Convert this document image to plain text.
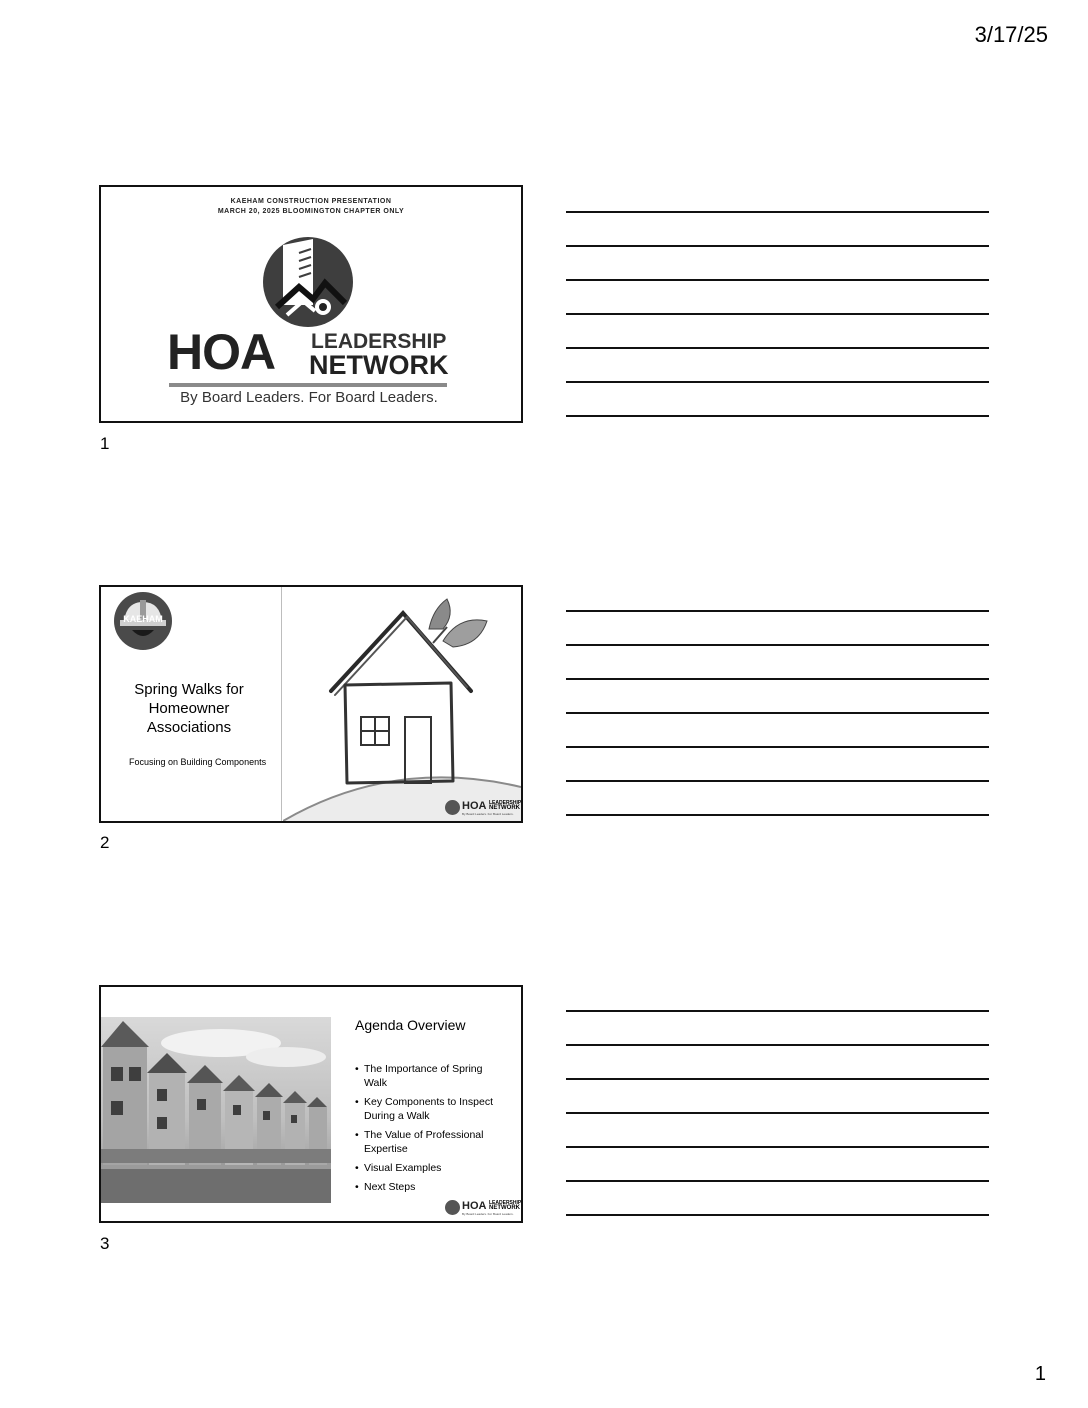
3/17/25
KAEHAM CONSTRUCTION PRESENTATION
MARCH 20, 2025 BLOOMINGTON CHAPTER ONLY
HOA LEADERSHIP
NETWORK
By Board Leaders. For Board Leaders.
1
KAEHAM
Spring Walks for Homeowner Associations
Focusing on Building Components
HOA LEADERSHIP
NETWORK
By Board Leaders. For Board Leaders.
2
Agenda Overview
• The Importance of Spring Walk
• Key Components to Inspect During a Walk
• The Value of Professional Expertise
• Visual Examples
• Next Steps
HOA LEADERSHIP
NETWORK
By Board Leaders. For Board Leaders.
3
1
